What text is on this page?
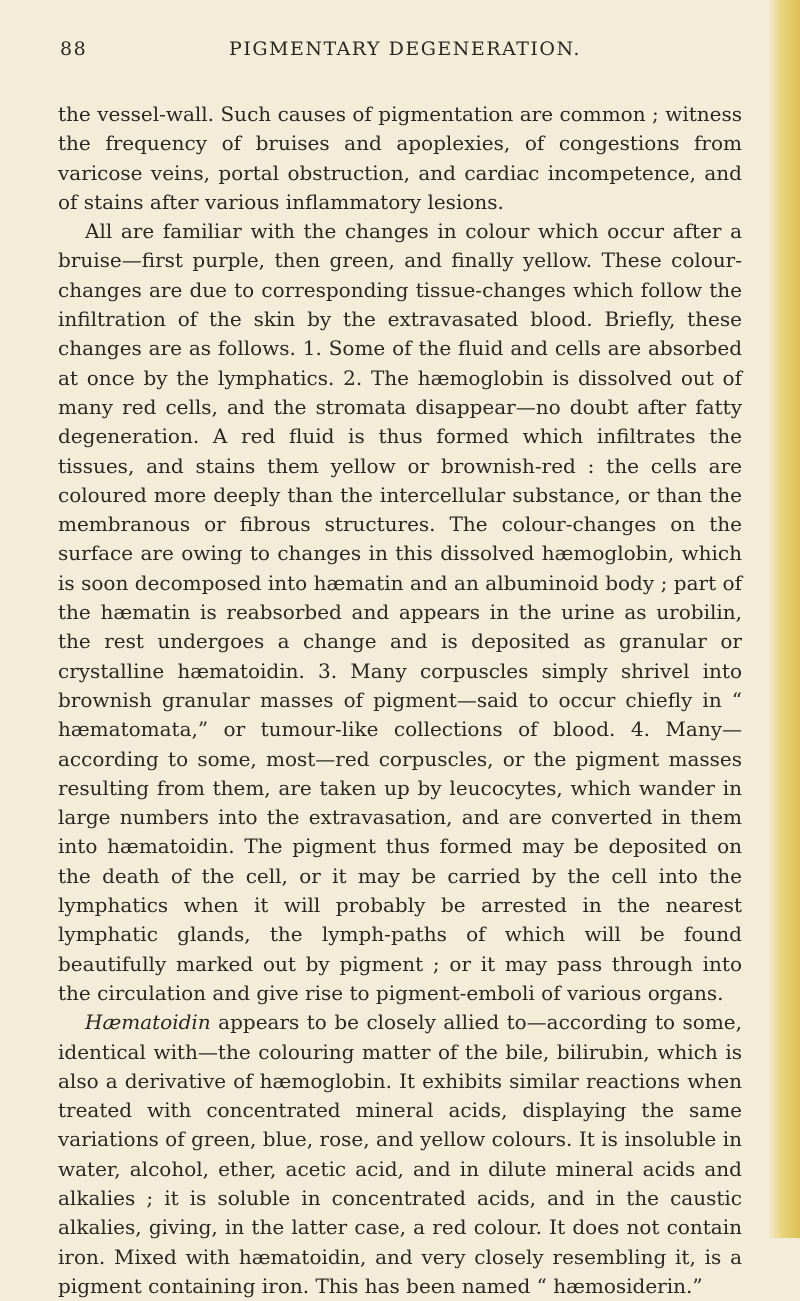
88	PIGMENTARY DEGENERATION.

the vessel-wall. Such causes of pigmentation are common ; witness the frequency of bruises and apoplexies, of congestions from varicose veins, portal obstruction, and cardiac incompetence, and of stains after various inflammatory lesions.

All are familiar with the changes in colour which occur after a bruise—first purple, then green, and finally yellow. These colour-changes are due to corresponding tissue-changes which follow the infiltration of the skin by the extravasated blood. Briefly, these changes are as follows. 1. Some of the fluid and cells are absorbed at once by the lymphatics. 2. The hæmoglobin is dissolved out of many red cells, and the stromata disappear—no doubt after fatty degeneration. A red fluid is thus formed which infiltrates the tissues, and stains them yellow or brownish-red : the cells are coloured more deeply than the intercellular substance, or than the membranous or fibrous structures. The colour-changes on the surface are owing to changes in this dissolved hæmoglobin, which is soon decomposed into hæmatin and an albuminoid body ; part of the hæmatin is reabsorbed and appears in the urine as urobilin, the rest undergoes a change and is deposited as granular or crystalline hæmatoidin. 3. Many corpuscles simply shrivel into brownish granular masses of pigment—said to occur chiefly in “ hæmatomata,” or tumour-like collections of blood. 4. Many—according to some, most—red corpuscles, or the pigment masses resulting from them, are taken up by leucocytes, which wander in large numbers into the extravasation, and are converted in them into hæmatoidin. The pigment thus formed may be deposited on the death of the cell, or it may be carried by the cell into the lymphatics when it will probably be arrested in the nearest lymphatic glands, the lymph-paths of which will be found beautifully marked out by pigment ; or it may pass through into the circulation and give rise to pigment-emboli of various organs.

Hæmatoidin appears to be closely allied to—according to some, identical with—the colouring matter of the bile, bilirubin, which is also a derivative of hæmoglobin. It exhibits similar reactions when treated with concentrated mineral acids, displaying the same variations of green, blue, rose, and yellow colours. It is insoluble in water, alcohol, ether, acetic acid, and in dilute mineral acids and alkalies ; it is soluble in concentrated acids, and in the caustic alkalies, giving, in the latter case, a red colour. It does not contain iron. Mixed with hæmatoidin, and very closely resembling it, is a pigment containing iron. This has been named “ hæmosiderin.”
